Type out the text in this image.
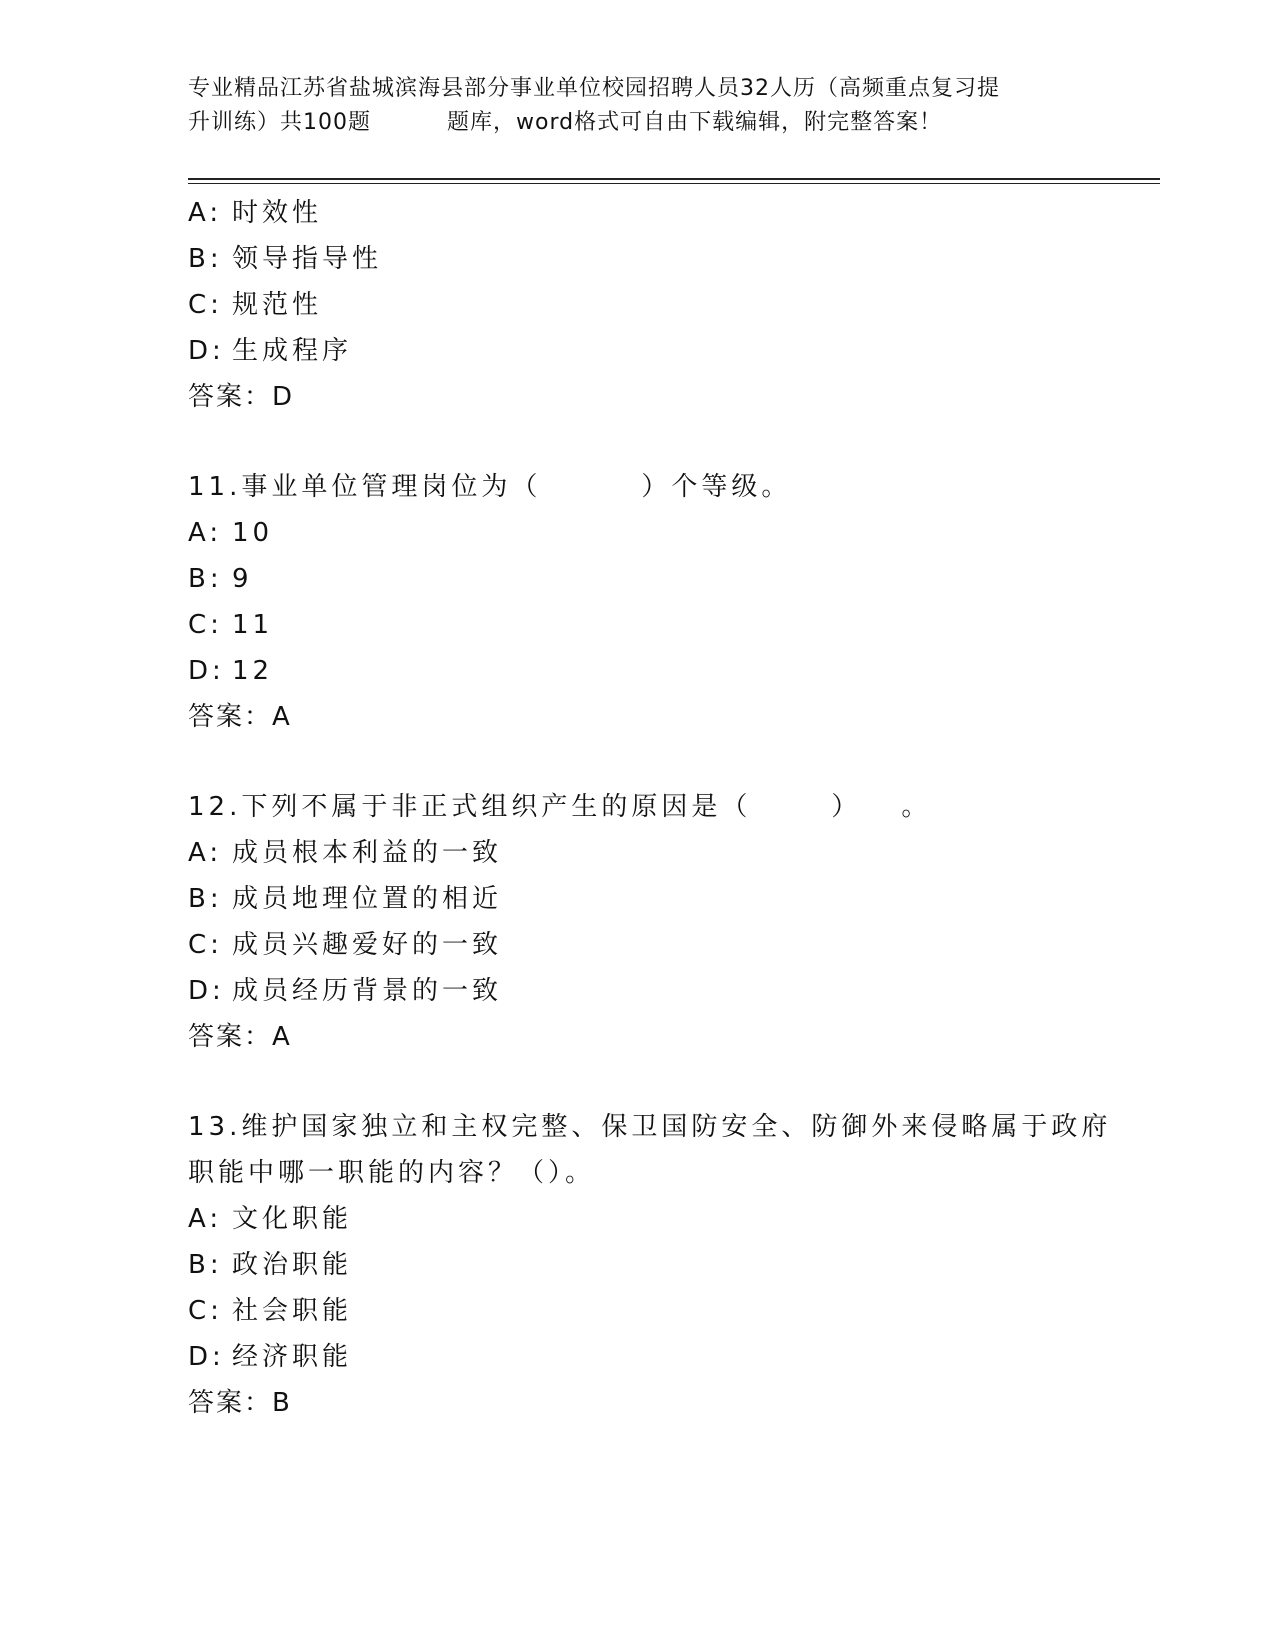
专业精品江苏省盐城滨海县部分事业单位校园招聘人员32人历（高频重点复习提
升训练）共100题	题库，word格式可自由下载编辑，附完整答案！
A: 时效性
B: 领导指导性
C: 规范性
D: 生成程序
答案：D
11.事业单位管理岗位为（	）个等级。
A: 10
B: 9
C: 11
D: 12
答案：A
12.下列不属于非正式组织产生的原因是（	） 。
A: 成员根本利益的一致
B: 成员地理位置的相近
C: 成员兴趣爱好的一致
D: 成员经历背景的一致
答案：A
13.维护国家独立和主权完整、保卫国防安全、防御外来侵略属于政府
职能中哪一职能的内容？（）。
A: 文化职能
B: 政治职能
C: 社会职能
D: 经济职能
答案：B
